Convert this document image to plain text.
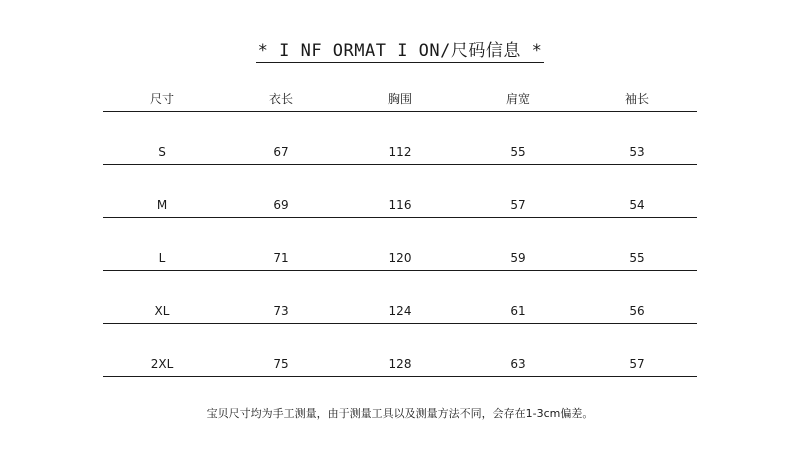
* I NF ORMAT I ON/尺码信息 *
尺寸	衣长	胸围	肩宽	袖长
S	67	112	55	53
M	69	116	57	54
L	71	120	59	55
XL	73	124	61	56
2XL	75	128	63	57
宝贝尺寸均为手工测量，由于测量工具以及测量方法不同，会存在1-3cm偏差。
